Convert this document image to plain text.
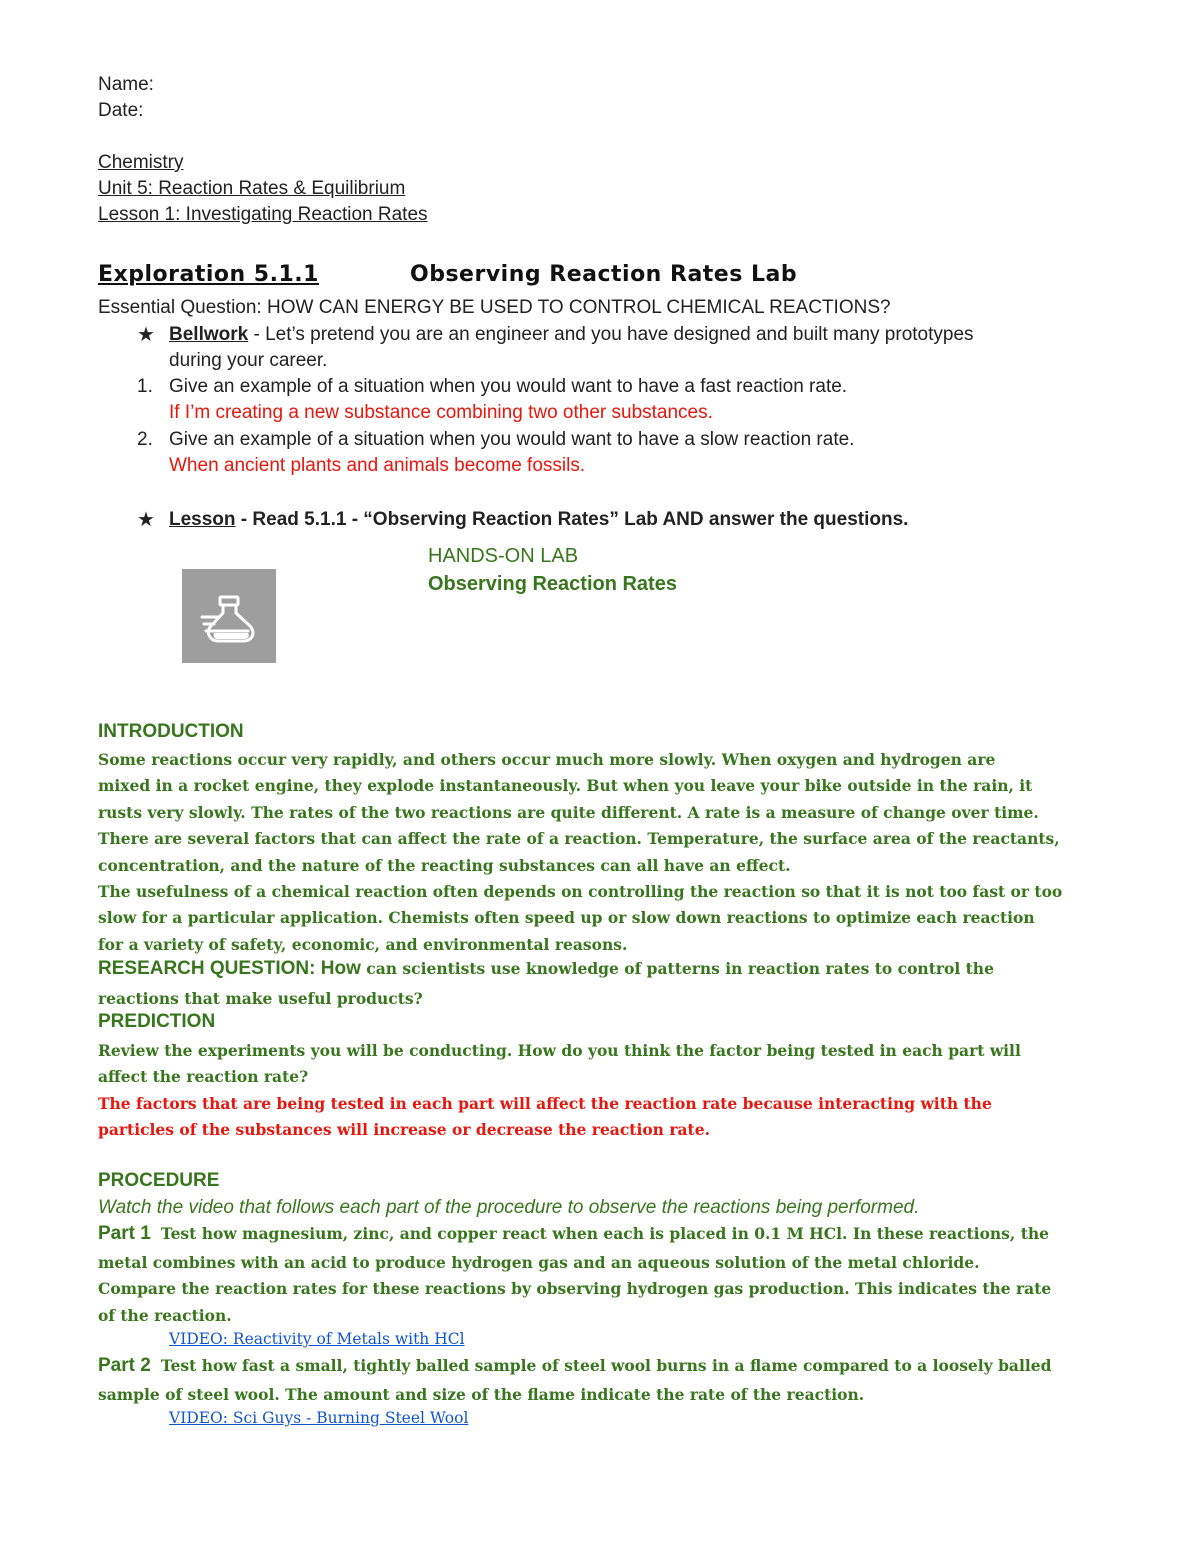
Name:
Date:
Chemistry
Unit 5: Reaction Rates & Equilibrium
Lesson 1: Investigating Reaction Rates
Exploration 5.1.1	Observing Reaction Rates Lab
Essential Question: HOW CAN ENERGY BE USED TO CONTROL CHEMICAL REACTIONS?
★ Bellwork - Let’s pretend you are an engineer and you have designed and built many prototypes
during your career.
1. Give an example of a situation when you would want to have a fast reaction rate.
If I’m creating a new substance combining two other substances.
2. Give an example of a situation when you would want to have a slow reaction rate.
When ancient plants and animals become fossils.
★ Lesson - Read 5.1.1 - “Observing Reaction Rates” Lab AND answer the questions.
HANDS-ON LAB
Observing Reaction Rates
INTRODUCTION
Some reactions occur very rapidly, and others occur much more slowly. When oxygen and hydrogen are
mixed in a rocket engine, they explode instantaneously. But when you leave your bike outside in the rain, it
rusts very slowly. The rates of the two reactions are quite different. A rate is a measure of change over time.
There are several factors that can affect the rate of a reaction. Temperature, the surface area of the reactants,
concentration, and the nature of the reacting substances can all have an effect.
The usefulness of a chemical reaction often depends on controlling the reaction so that it is not too fast or too
slow for a particular application. Chemists often speed up or slow down reactions to optimize each reaction
for a variety of safety, economic, and environmental reasons.
RESEARCH QUESTION: How can scientists use knowledge of patterns in reaction rates to control the
reactions that make useful products?
PREDICTION
Review the experiments you will be conducting. How do you think the factor being tested in each part will
affect the reaction rate?
The factors that are being tested in each part will affect the reaction rate because interacting with the
particles of the substances will increase or decrease the reaction rate.
PROCEDURE
Watch the video that follows each part of the procedure to observe the reactions being performed.
Part 1 Test how magnesium, zinc, and copper react when each is placed in 0.1 M HCl. In these reactions, the
metal combines with an acid to produce hydrogen gas and an aqueous solution of the metal chloride.
Compare the reaction rates for these reactions by observing hydrogen gas production. This indicates the rate
of the reaction.
VIDEO: Reactivity of Metals with HCl
Part 2 Test how fast a small, tightly balled sample of steel wool burns in a flame compared to a loosely balled
sample of steel wool. The amount and size of the flame indicate the rate of the reaction.
VIDEO: Sci Guys - Burning Steel Wool
